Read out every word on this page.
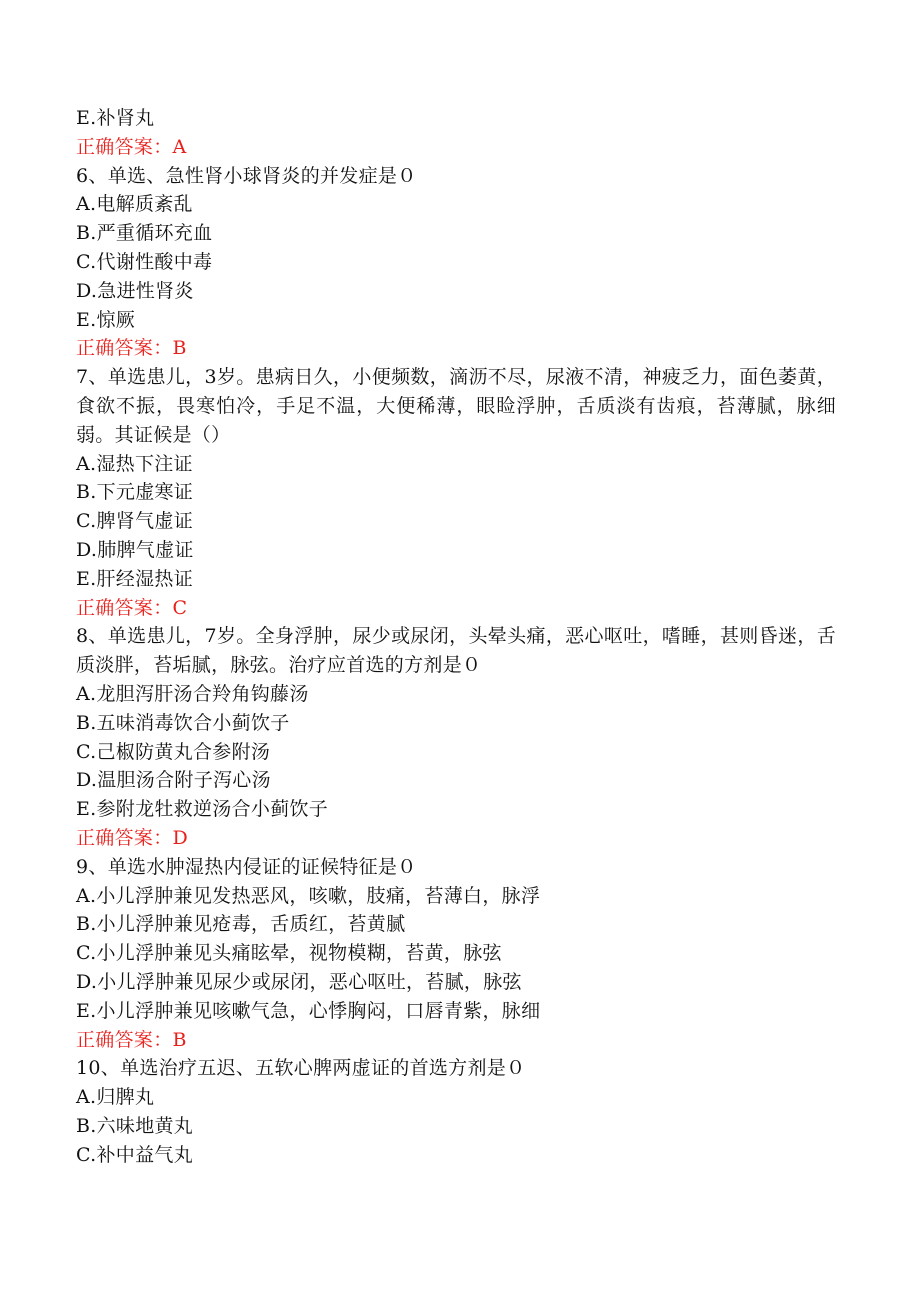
E.补肾丸
正确答案：A
6、单选、急性肾小球肾炎的并发症是０
A.电解质紊乱
B.严重循环充血
C.代谢性酸中毒
D.急进性肾炎
E.惊厥
正确答案：B
7、单选患儿，3岁。患病日久，小便频数，滴沥不尽，尿液不清，神疲乏力，面色萎黄，食欲不振，畏寒怕冷，手足不温，大便稀薄，眼睑浮肿，舌质淡有齿痕，苔薄腻，脉细弱。其证候是（）
A.湿热下注证
B.下元虚寒证
C.脾肾气虚证
D.肺脾气虚证
E.肝经湿热证
正确答案：C
8、单选患儿，7岁。全身浮肿，尿少或尿闭，头晕头痛，恶心呕吐，嗜睡，甚则昏迷，舌质淡胖，苔垢腻，脉弦。治疗应首选的方剂是０
A.龙胆泻肝汤合羚角钩藤汤
B.五味消毒饮合小蓟饮子
C.己椒防黄丸合参附汤
D.温胆汤合附子泻心汤
E.参附龙牡救逆汤合小蓟饮子
正确答案：D
9、单选水肿湿热内侵证的证候特征是０
A.小儿浮肿兼见发热恶风，咳嗽，肢痛，苔薄白，脉浮
B.小儿浮肿兼见疮毒，舌质红，苔黄腻
C.小儿浮肿兼见头痛眩晕，视物模糊，苔黄，脉弦
D.小儿浮肿兼见尿少或尿闭，恶心呕吐，苔腻，脉弦
E.小儿浮肿兼见咳嗽气急，心悸胸闷，口唇青紫，脉细
正确答案：B
10、单选治疗五迟、五软心脾两虚证的首选方剂是０
A.归脾丸
B.六味地黄丸
C.补中益气丸
